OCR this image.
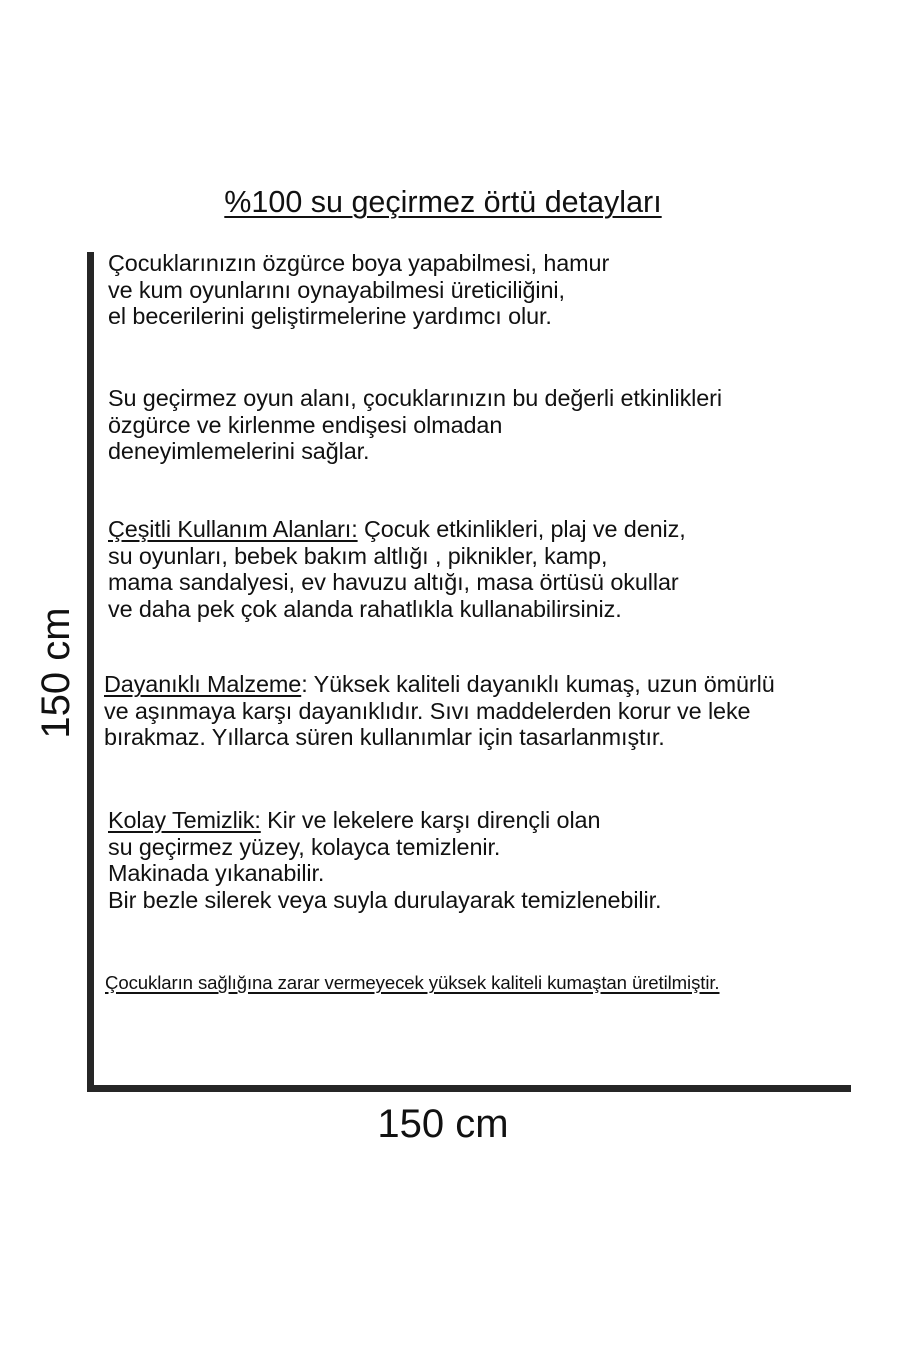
%100 su geçirmez örtü detayları
150 cm
150 cm

Çocuklarınızın özgürce boya yapabilmesi, hamur
ve kum oyunlarını oynayabilmesi üreticiliğini,
el becerilerini geliştirmelerine yardımcı olur.

Su geçirmez oyun alanı, çocuklarınızın bu değerli etkinlikleri
özgürce ve kirlenme endişesi olmadan
deneyimlemelerini sağlar.

Çeşitli Kullanım Alanları: Çocuk etkinlikleri, plaj ve deniz,
su oyunları, bebek bakım altlığı , piknikler, kamp,
mama sandalyesi, ev havuzu altığı, masa örtüsü okullar
ve daha pek çok alanda rahatlıkla kullanabilirsiniz.

Dayanıklı Malzeme: Yüksek kaliteli dayanıklı kumaş, uzun ömürlü
ve aşınmaya karşı dayanıklıdır. Sıvı maddelerden korur ve leke
bırakmaz. Yıllarca süren kullanımlar için tasarlanmıştır.

Kolay Temizlik: Kir ve lekelere karşı dirençli olan
su geçirmez yüzey, kolayca temizlenir.
Makinada yıkanabilir.
Bir bezle silerek veya suyla durulayarak temizlenebilir.

Çocukların sağlığına zarar vermeyecek yüksek kaliteli kumaştan üretilmiştir.
